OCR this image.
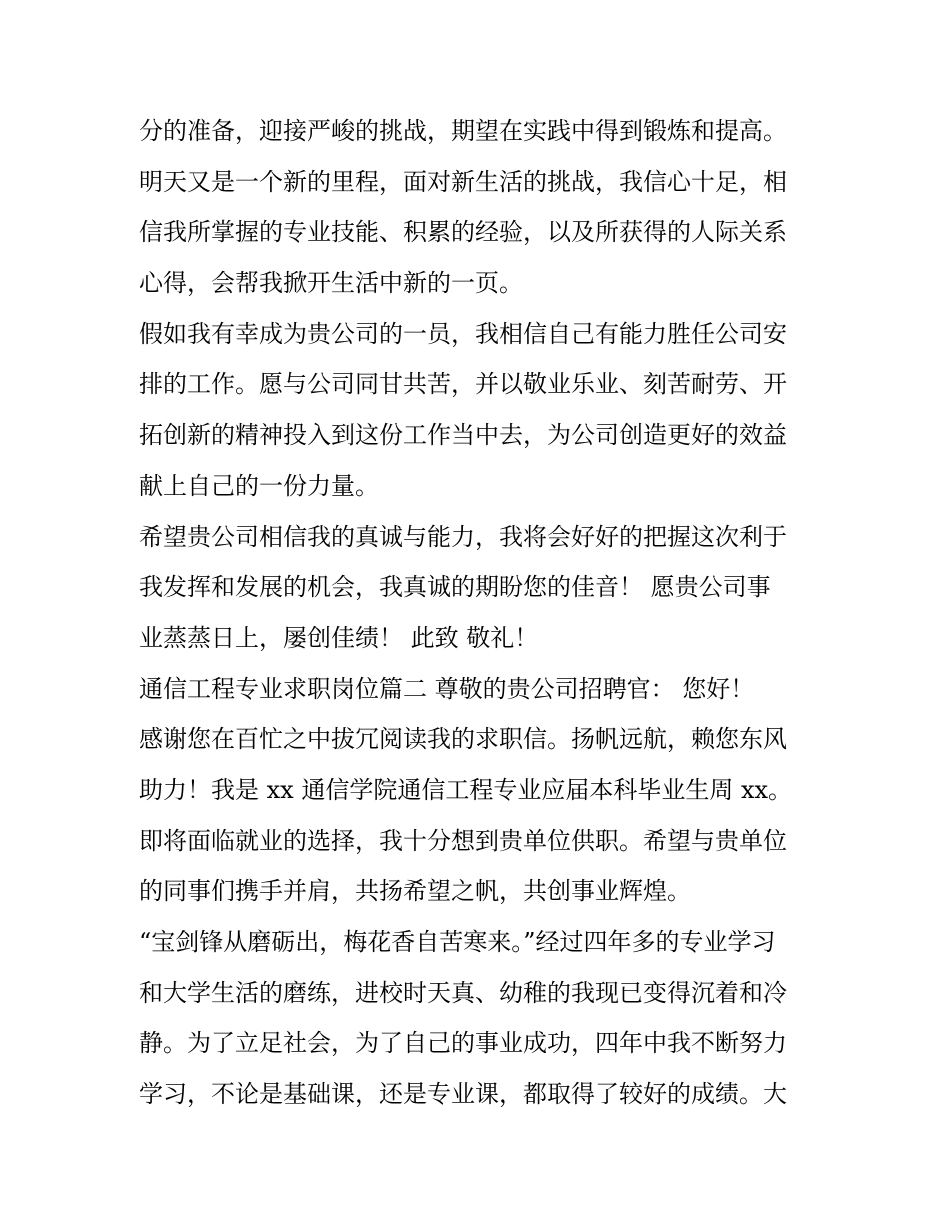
分的准备，迎接严峻的挑战，期望在实践中得到锻炼和提高。
明天又是一个新的里程，面对新生活的挑战，我信心十足，相
信我所掌握的专业技能、积累的经验，以及所获得的人际关系
心得，会帮我掀开生活中新的一页。
假如我有幸成为贵公司的一员，我相信自己有能力胜任公司安
排的工作。愿与公司同甘共苦，并以敬业乐业、刻苦耐劳、开
拓创新的精神投入到这份工作当中去，为公司创造更好的效益
献上自己的一份力量。
希望贵公司相信我的真诚与能力，我将会好好的把握这次利于
我发挥和发展的机会，我真诚的期盼您的佳音！ 愿贵公司事
业蒸蒸日上，屡创佳绩！ 此致 敬礼！
通信工程专业求职岗位篇二 尊敬的贵公司招聘官： 您好！
感谢您在百忙之中拔冗阅读我的求职信。扬帆远航，赖您东风
助力！我是 xx 通信学院通信工程专业应届本科毕业生周 xx。
即将面临就业的选择，我十分想到贵单位供职。希望与贵单位
的同事们携手并肩，共扬希望之帆，共创事业辉煌。
“宝剑锋从磨砺出，梅花香自苦寒来。”经过四年多的专业学习
和大学生活的磨练，进校时天真、幼稚的我现已变得沉着和冷
静。为了立足社会，为了自己的事业成功，四年中我不断努力
学习，不论是基础课，还是专业课，都取得了较好的成绩。大
